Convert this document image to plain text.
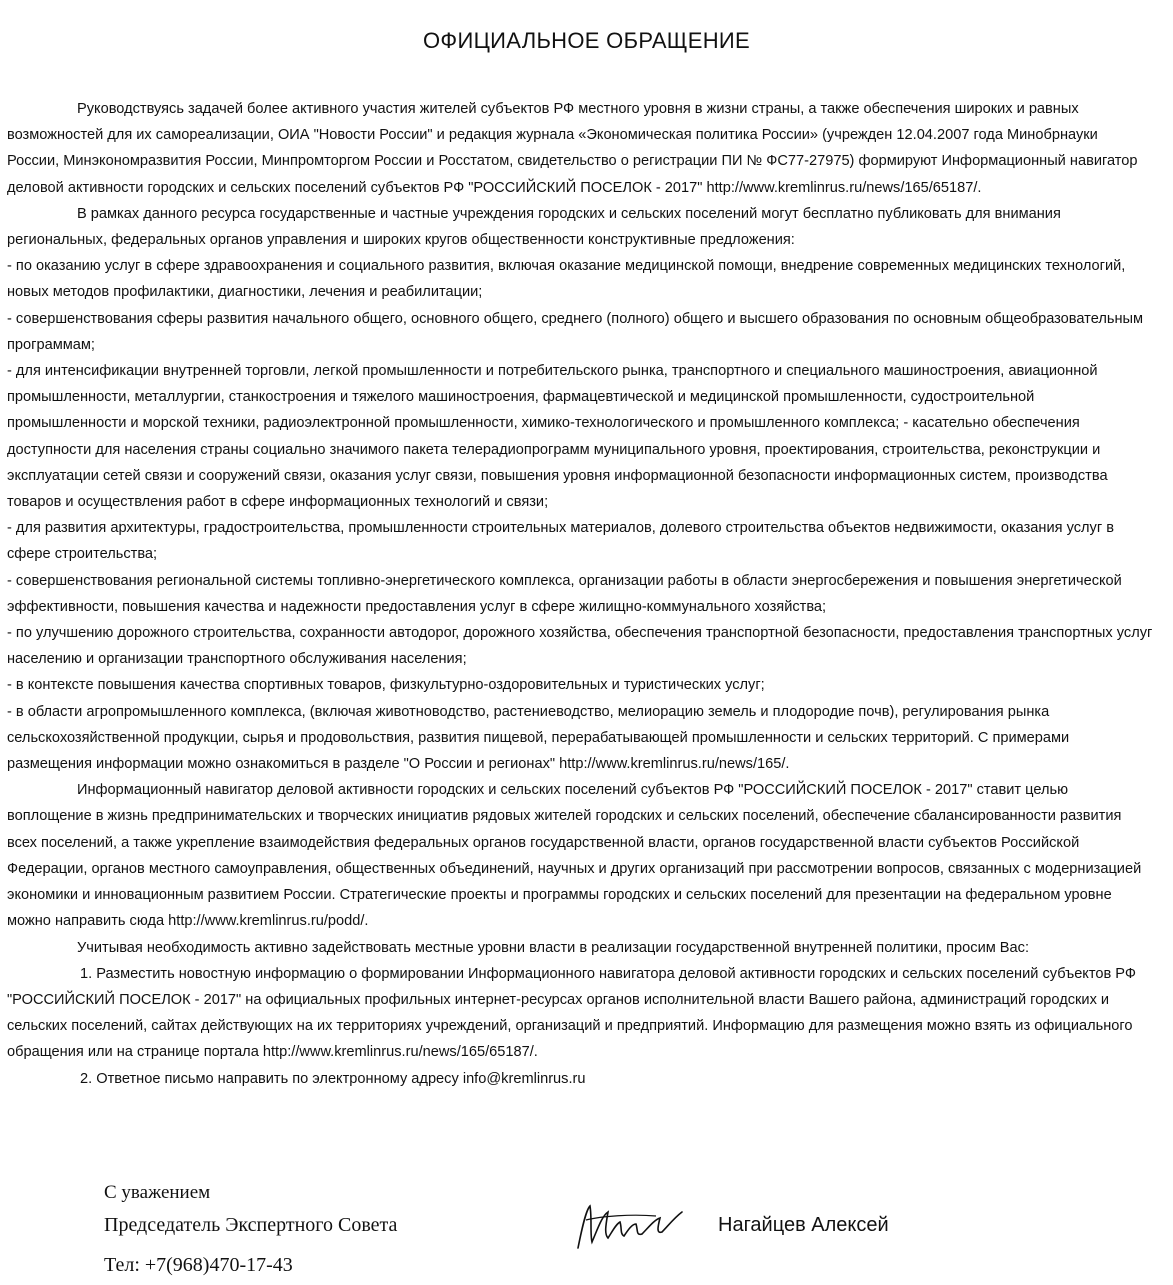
ОФИЦИАЛЬНОЕ ОБРАЩЕНИЕ

Руководствуясь задачей более активного участия жителей субъектов РФ местного уровня в жизни страны, а также обеспечения широких и равных возможностей для их самореализации, ОИА "Новости России" и редакция журнала «Экономическая политика России» (учрежден 12.04.2007 года Минобрнауки России, Минэкономразвития России, Минпромторгом России и Росстатом, свидетельство о регистрации ПИ № ФС77-27975) формируют Информационный навигатор деловой активности городских и сельских поселений субъектов РФ "РОССИЙСКИЙ ПОСЕЛОК - 2017" http://www.kremlinrus.ru/news/165/65187/.

В рамках данного ресурса государственные и частные учреждения городских и сельских поселений могут бесплатно публиковать для внимания региональных, федеральных органов управления и широких кругов общественности конструктивные предложения:

- по оказанию услуг в сфере здравоохранения и социального развития, включая оказание медицинской помощи, внедрение современных медицинских технологий, новых методов профилактики, диагностики, лечения и реабилитации;

- совершенствования сферы развития начального общего, основного общего, среднего (полного) общего и высшего образования по основным общеобразовательным программам;

- для интенсификации внутренней торговли, легкой промышленности и потребительского рынка, транспортного и специального машиностроения, авиационной промышленности, металлургии, станкостроения и тяжелого машиностроения, фармацевтической и медицинской промышленности, судостроительной промышленности и морской техники, радиоэлектронной промышленности, химико-технологического и промышленного комплекса; - касательно обеспечения доступности для населения страны социально значимого пакета телерадиопрограмм муниципального уровня, проектирования, строительства, реконструкции и эксплуатации сетей связи и сооружений связи, оказания услуг связи, повышения уровня информационной безопасности информационных систем, производства товаров и осуществления работ в сфере информационных технологий и связи;

- для развития архитектуры, градостроительства, промышленности строительных материалов, долевого строительства объектов недвижимости, оказания услуг в сфере строительства;

- совершенствования региональной системы топливно-энергетического комплекса, организации работы в области энергосбережения и повышения энергетической эффективности, повышения качества и надежности предоставления услуг в сфере жилищно-коммунального хозяйства;

- по улучшению дорожного строительства, сохранности автодорог, дорожного хозяйства, обеспечения транспортной безопасности, предоставления транспортных услуг населению и организации транспортного обслуживания населения;

- в контексте повышения качества спортивных товаров, физкультурно-оздоровительных и туристических услуг;

- в области агропромышленного комплекса, (включая животноводство, растениеводство, мелиорацию земель и плодородие почв), регулирования рынка сельскохозяйственной продукции, сырья и продовольствия, развития пищевой, перерабатывающей промышленности и сельских территорий. С примерами размещения информации можно ознакомиться в разделе "О России и регионах" http://www.kremlinrus.ru/news/165/.

Информационный навигатор деловой активности городских и сельских поселений субъектов РФ "РОССИЙСКИЙ ПОСЕЛОК - 2017" ставит целью воплощение в жизнь предпринимательских и творческих инициатив рядовых жителей городских и сельских поселений, обеспечение сбалансированности развития всех поселений, а также укрепление взаимодействия федеральных органов государственной власти, органов государственной власти субъектов Российской Федерации, органов местного самоуправления, общественных объединений, научных и других организаций при рассмотрении вопросов, связанных с модернизацией экономики и инновационным развитием России. Стратегические проекты и программы городских и сельских поселений для презентации на федеральном уровне можно направить сюда http://www.kremlinrus.ru/podd/.

Учитывая необходимость активно задействовать местные уровни власти в реализации государственной внутренней политики, просим Вас:

1. Разместить новостную информацию о формировании Информационного навигатора деловой активности городских и сельских поселений субъектов РФ "РОССИЙСКИЙ ПОСЕЛОК - 2017" на официальных профильных интернет-ресурсах органов исполнительной власти Вашего района, администраций городских и сельских поселений, сайтах действующих на их территориях учреждений, организаций и предприятий. Информацию для размещения можно взять из официального обращения или на странице портала http://www.kremlinrus.ru/news/165/65187/.

2. Ответное письмо направить по электронному адресу info@kremlinrus.ru

С уважением
Председатель Экспертного Совета	Нагайцев Алексей
Тел: +7(968)470-17-43
